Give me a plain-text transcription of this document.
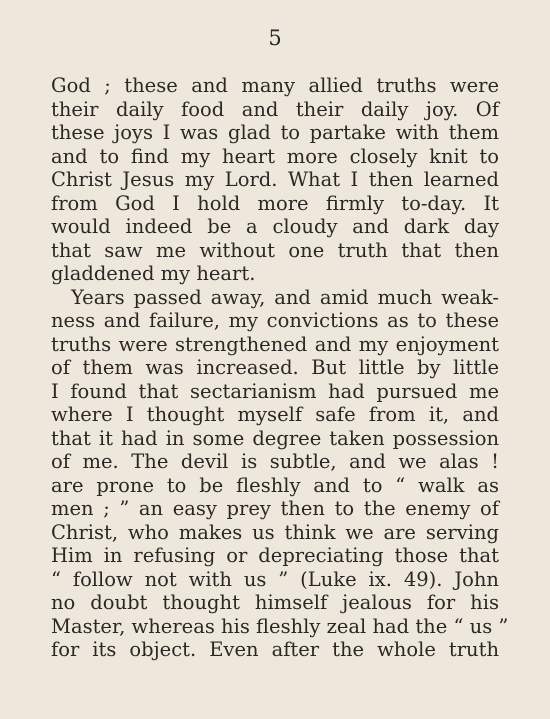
5
God ; these and many allied truths were
their daily food and their daily joy. Of
these joys I was glad to partake with them
and to find my heart more closely knit to
Christ Jesus my Lord. What I then learned
from God I hold more firmly to-day. It
would indeed be a cloudy and dark day
that saw me without one truth that then
gladdened my heart.
Years passed away, and amid much weak-
ness and failure, my convictions as to these
truths were strengthened and my enjoyment
of them was increased. But little by little
I found that sectarianism had pursued me
where I thought myself safe from it, and
that it had in some degree taken possession
of me. The devil is subtle, and we alas !
are prone to be fleshly and to “ walk as
men ; ” an easy prey then to the enemy of
Christ, who makes us think we are serving
Him in refusing or depreciating those that
“ follow not with us ” (Luke ix. 49). John
no doubt thought himself jealous for his
Master, whereas his fleshly zeal had the “ us ”
for its object. Even after the whole truth
